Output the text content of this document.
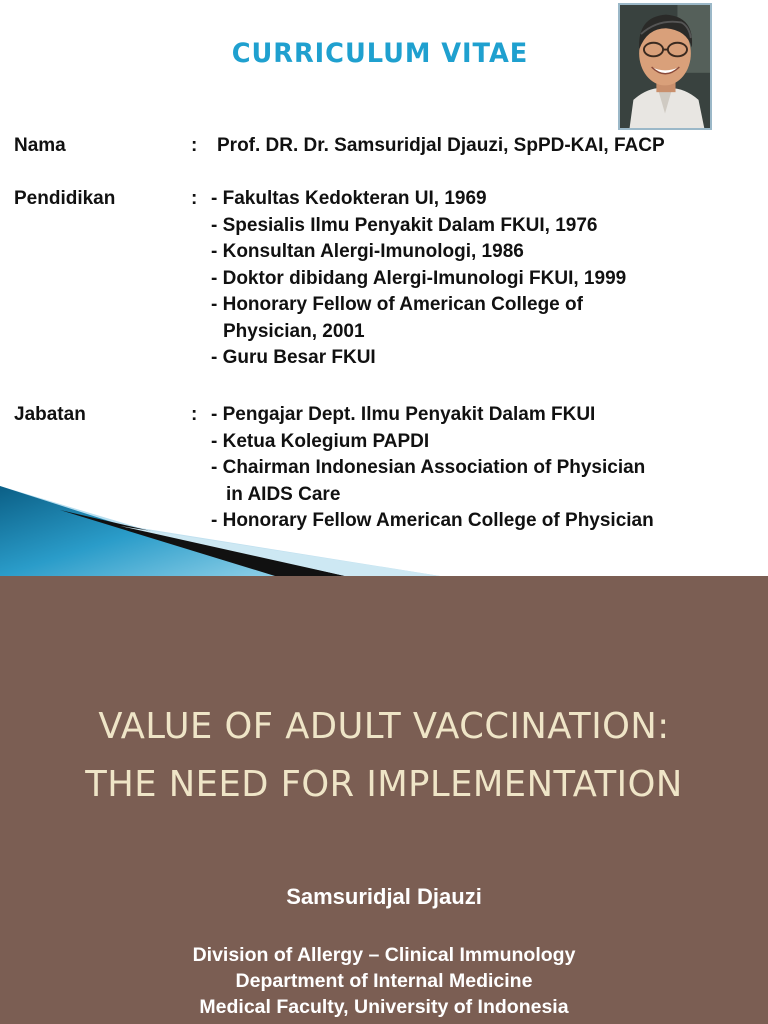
CURRICULUM VITAE
Nama	: Prof. DR. Dr. Samsuridjal Djauzi, SpPD-KAI, FACP
Pendidikan	: - Fakultas Kedokteran UI, 1969
- Spesialis Ilmu Penyakit Dalam FKUI, 1976
- Konsultan Alergi-Imunologi, 1986
- Doktor dibidang Alergi-Imunologi FKUI, 1999
- Honorary Fellow of American College of
Physician, 2001
- Guru Besar FKUI
Jabatan	: - Pengajar Dept. Ilmu Penyakit Dalam FKUI
- Ketua Kolegium PAPDI
- Chairman Indonesian Association of Physician
in AIDS Care
- Honorary Fellow American College of Physician
VALUE OF ADULT VACCINATION:
THE NEED FOR IMPLEMENTATION
Samsuridjal Djauzi
Division of Allergy – Clinical Immunology
Department of Internal Medicine
Medical Faculty, University of Indonesia
